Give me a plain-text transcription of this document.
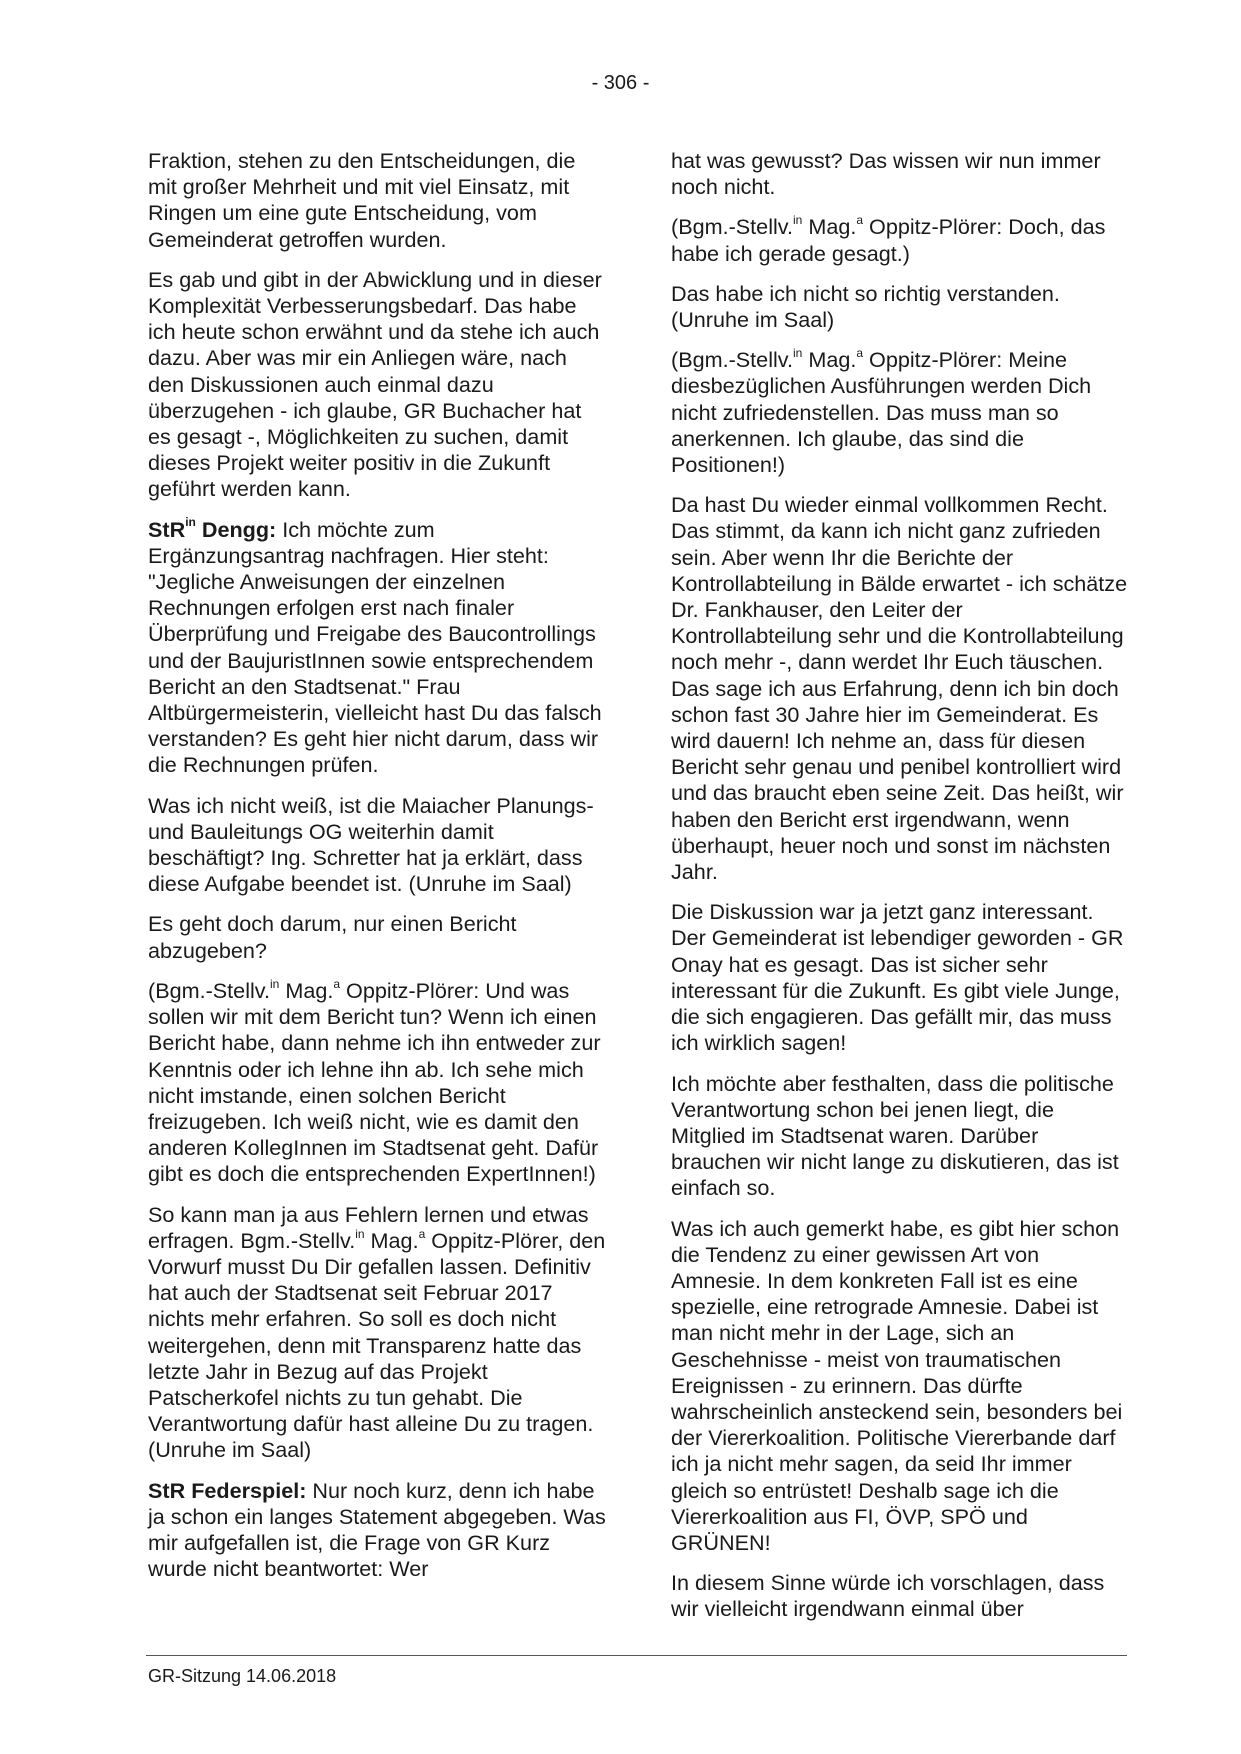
- 306 -

Fraktion, stehen zu den Entscheidungen, die mit großer Mehrheit und mit viel Einsatz, mit Ringen um eine gute Entscheidung, vom Gemeinderat getroffen wurden.

Es gab und gibt in der Abwicklung und in dieser Komplexität Verbesserungsbedarf. Das habe ich heute schon erwähnt und da stehe ich auch dazu. Aber was mir ein Anliegen wäre, nach den Diskussionen auch einmal dazu überzugehen - ich glaube, GR Buchacher hat es gesagt -, Möglichkeiten zu suchen, damit dieses Projekt weiter positiv in die Zukunft geführt werden kann.

StR$^{in}$ Dengg: Ich möchte zum Ergänzungsantrag nachfragen. Hier steht: "Jegliche Anweisungen der einzelnen Rechnungen erfolgen erst nach finaler Überprüfung und Freigabe des Baucontrollings und der BaujuristInnen sowie entsprechendem Bericht an den Stadtsenat." Frau Altbürgermeisterin, vielleicht hast Du das falsch verstanden? Es geht hier nicht darum, dass wir die Rechnungen prüfen.

Was ich nicht weiß, ist die Maiacher Planungs- und Bauleitungs OG weiterhin damit beschäftigt? Ing. Schretter hat ja erklärt, dass diese Aufgabe beendet ist. (Unruhe im Saal)

Es geht doch darum, nur einen Bericht abzugeben?

(Bgm.-Stellv.$^{in}$ Mag.$^a$ Oppitz-Plörer: Und was sollen wir mit dem Bericht tun? Wenn ich einen Bericht habe, dann nehme ich ihn entweder zur Kenntnis oder ich lehne ihn ab. Ich sehe mich nicht imstande, einen solchen Bericht freizugeben. Ich weiß nicht, wie es damit den anderen KollegInnen im Stadtsenat geht. Dafür gibt es doch die entsprechenden ExpertInnen!)

So kann man ja aus Fehlern lernen und etwas erfragen. Bgm.-Stellv.$^{in}$ Mag.$^a$ Oppitz-Plörer, den Vorwurf musst Du Dir gefallen lassen. Definitiv hat auch der Stadtsenat seit Februar 2017 nichts mehr erfahren. So soll es doch nicht weitergehen, denn mit Transparenz hatte das letzte Jahr in Bezug auf das Projekt Patscherkofel nichts zu tun gehabt. Die Verantwortung dafür hast alleine Du zu tragen. (Unruhe im Saal)

StR Federspiel: Nur noch kurz, denn ich habe ja schon ein langes Statement abgegeben. Was mir aufgefallen ist, die Frage von GR Kurz wurde nicht beantwortet: Wer

hat was gewusst? Das wissen wir nun immer noch nicht.

(Bgm.-Stellv.$^{in}$ Mag.$^a$ Oppitz-Plörer: Doch, das habe ich gerade gesagt.)

Das habe ich nicht so richtig verstanden. (Unruhe im Saal)

(Bgm.-Stellv.$^{in}$ Mag.$^a$ Oppitz-Plörer: Meine diesbezüglichen Ausführungen werden Dich nicht zufriedenstellen. Das muss man so anerkennen. Ich glaube, das sind die Positionen!)

Da hast Du wieder einmal vollkommen Recht. Das stimmt, da kann ich nicht ganz zufrieden sein. Aber wenn Ihr die Berichte der Kontrollabteilung in Bälde erwartet - ich schätze Dr. Fankhauser, den Leiter der Kontrollabteilung sehr und die Kontrollabteilung noch mehr -, dann werdet Ihr Euch täuschen. Das sage ich aus Erfahrung, denn ich bin doch schon fast 30 Jahre hier im Gemeinderat. Es wird dauern! Ich nehme an, dass für diesen Bericht sehr genau und penibel kontrolliert wird und das braucht eben seine Zeit. Das heißt, wir haben den Bericht erst irgendwann, wenn überhaupt, heuer noch und sonst im nächsten Jahr.

Die Diskussion war ja jetzt ganz interessant. Der Gemeinderat ist lebendiger geworden - GR Onay hat es gesagt. Das ist sicher sehr interessant für die Zukunft. Es gibt viele Junge, die sich engagieren. Das gefällt mir, das muss ich wirklich sagen!

Ich möchte aber festhalten, dass die politische Verantwortung schon bei jenen liegt, die Mitglied im Stadtsenat waren. Darüber brauchen wir nicht lange zu diskutieren, das ist einfach so.

Was ich auch gemerkt habe, es gibt hier schon die Tendenz zu einer gewissen Art von Amnesie. In dem konkreten Fall ist es eine spezielle, eine retrograde Amnesie. Dabei ist man nicht mehr in der Lage, sich an Geschehnisse - meist von traumatischen Ereignissen - zu erinnern. Das dürfte wahrscheinlich ansteckend sein, besonders bei der Viererkoalition. Politische Viererbande darf ich ja nicht mehr sagen, da seid Ihr immer gleich so entrüstet! Deshalb sage ich die Viererkoalition aus FI, ÖVP, SPÖ und GRÜNEN!

In diesem Sinne würde ich vorschlagen, dass wir vielleicht irgendwann einmal über

GR-Sitzung 14.06.2018
